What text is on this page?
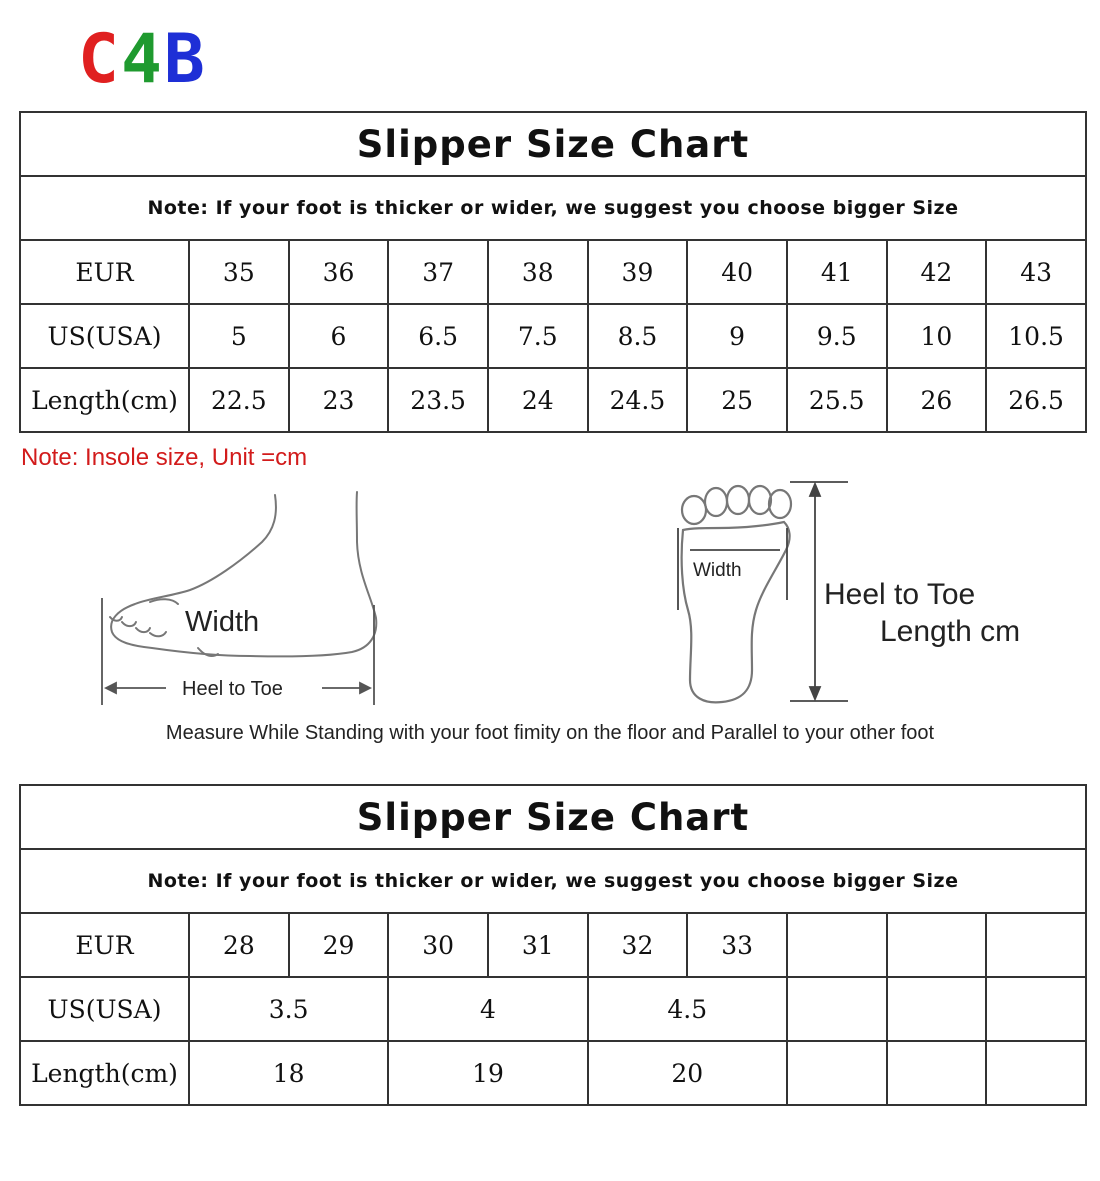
C4B
Slipper Size Chart									
Note: If your foot is thicker or wider, we suggest you choose bigger Size									
EUR	35	36	37	38	39	40	41	42	43
US(USA)	5	6	6.5	7.5	8.5	9	9.5	10	10.5
Length(cm)	22.5	23	23.5	24	24.5	25	25.5	26	26.5
Note: Insole size, Unit =cm
Width
Heel to Toe
Width
Heel to Toe
Length cm
Measure While Standing with your foot fimity on the floor and Parallel to your other foot
Slipper Size Chart									
Note: If your foot is thicker or wider, we suggest you choose bigger Size									
EUR	28	29	30	31	32	33			
US(USA)	3.5		4		4.5				
Length(cm)	18		19		20				
